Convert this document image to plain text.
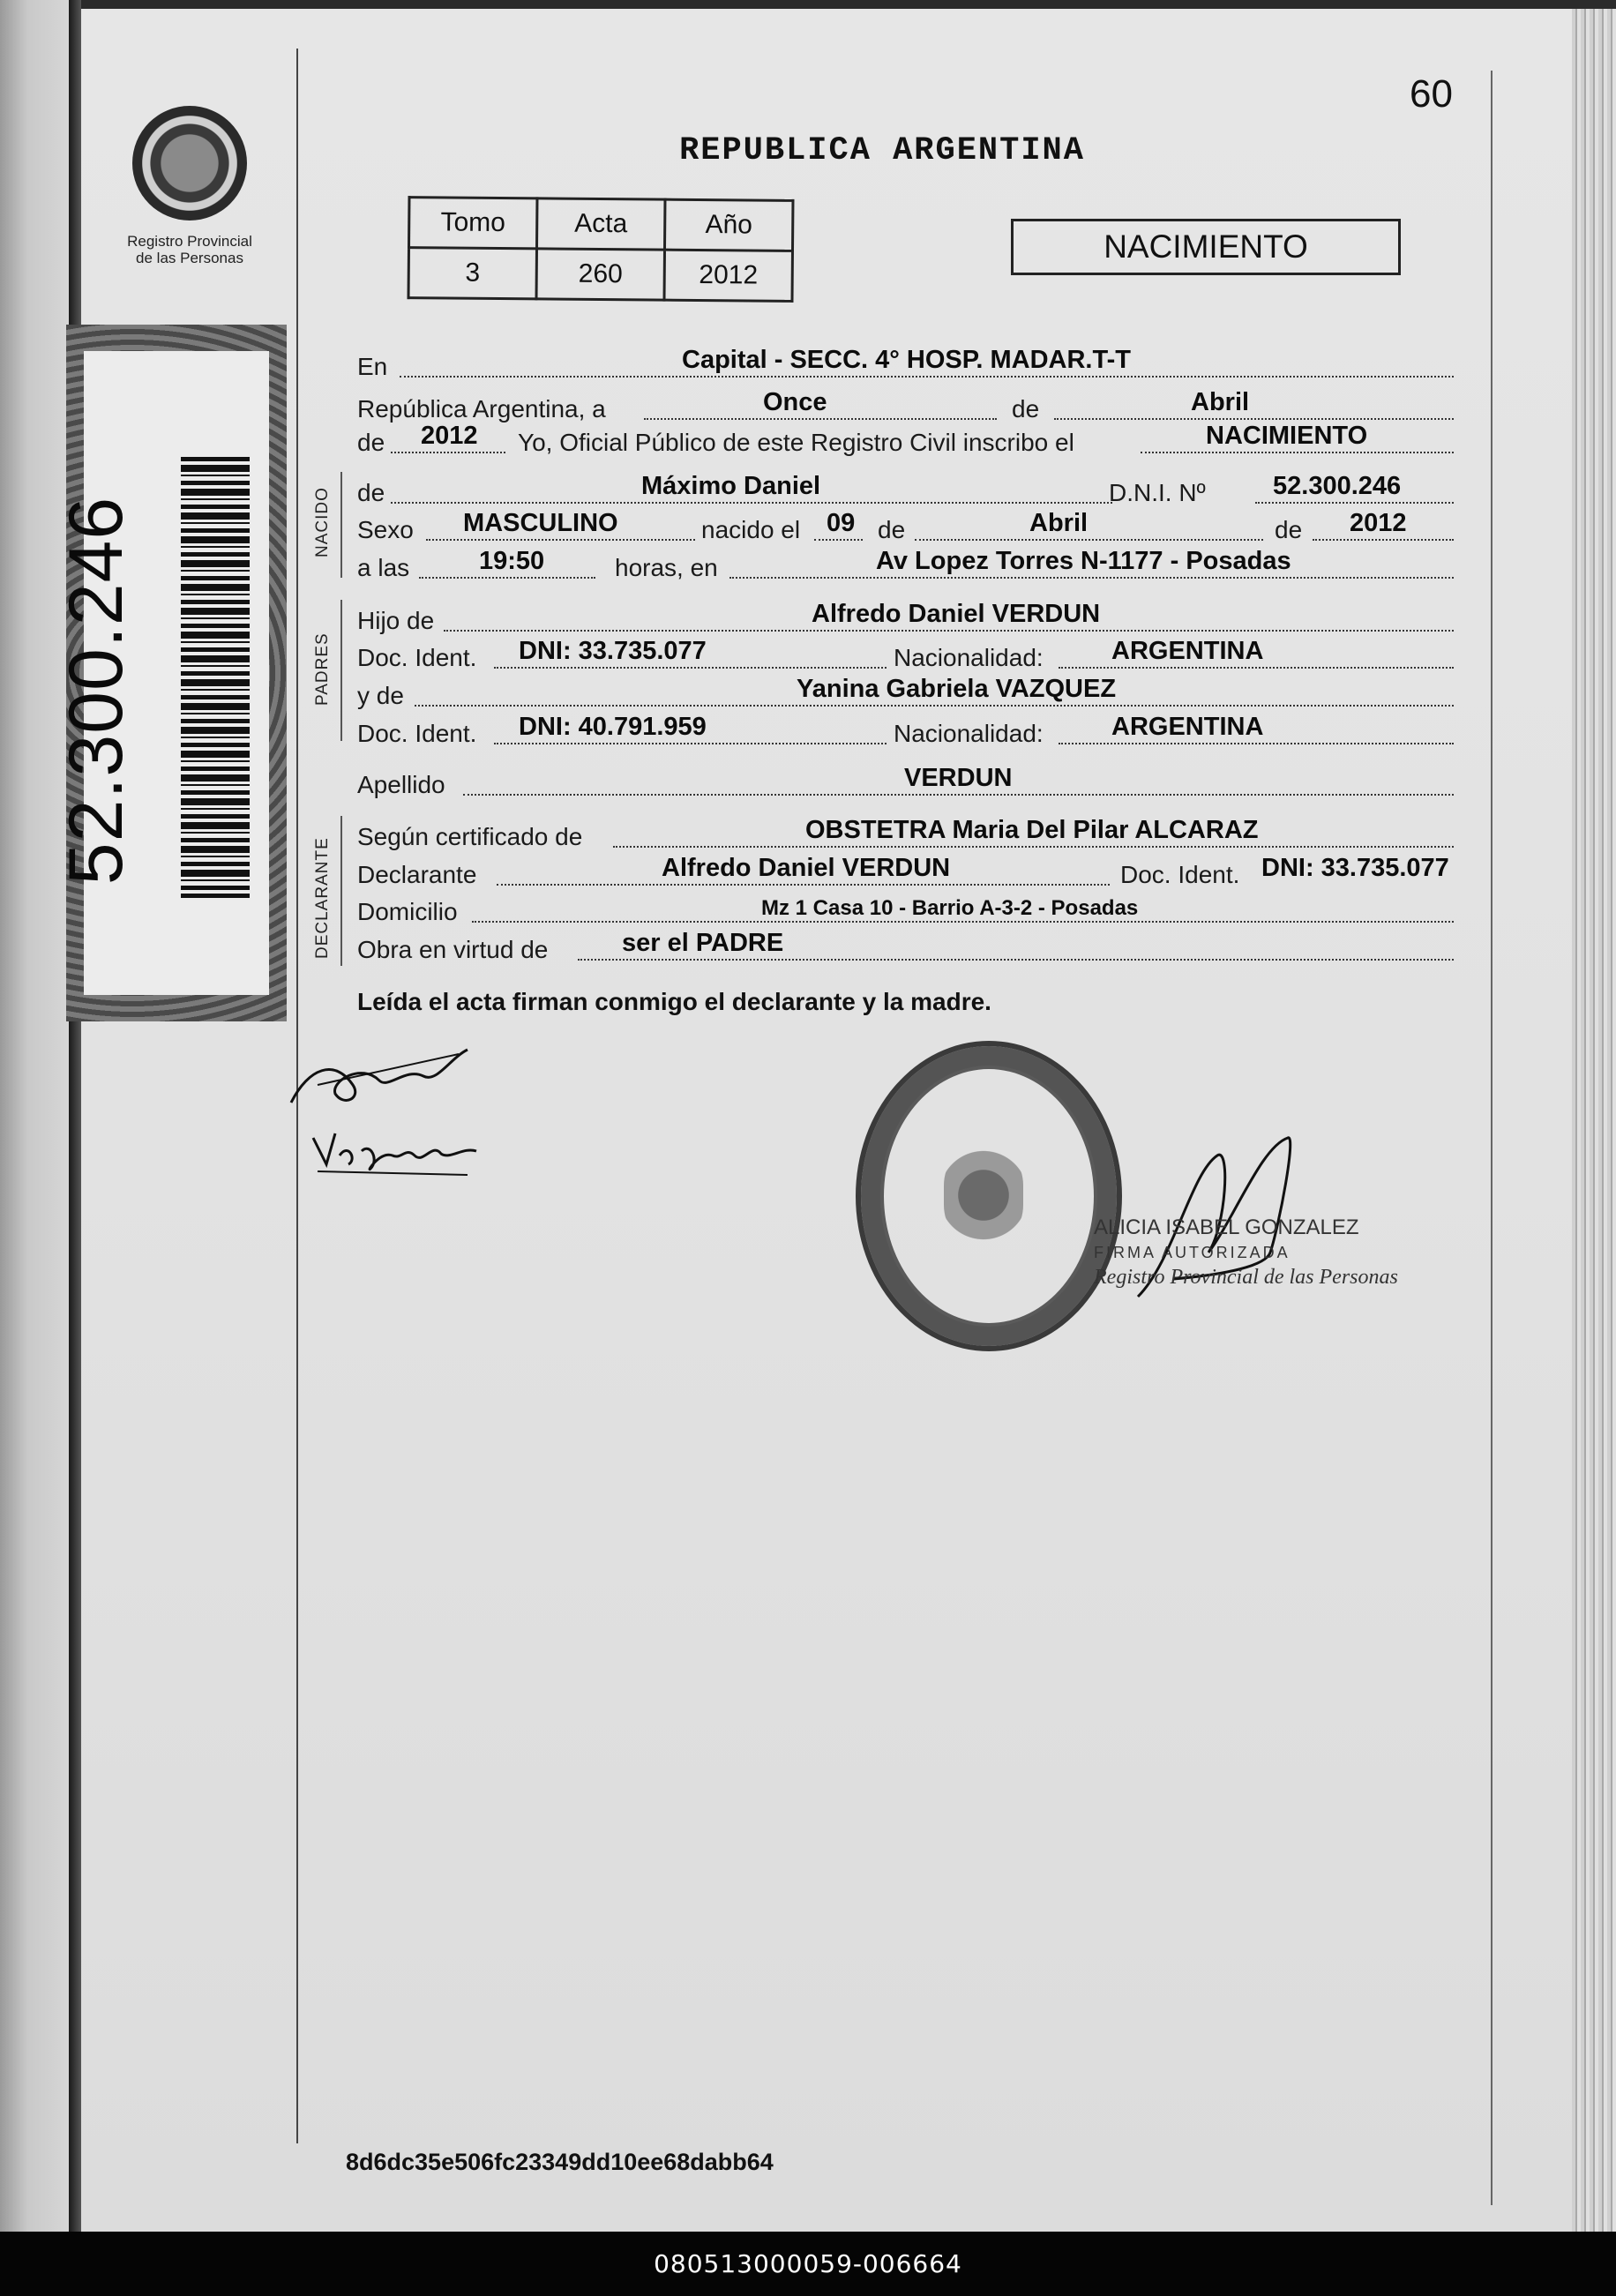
Registro Provincial
de las Personas
52.300.246
60
REPUBLICA ARGENTINA
Tomo	Acta	Año
3	260	2012
NACIMIENTO
NACIDO
PADRES
DECLARANTE
En	Capital - SECC. 4° HOSP. MADAR.T-T
República Argentina, a	Once	de	Abril
de 2012 Yo, Oficial Público de este Registro Civil inscribo el	NACIMIENTO
de	Máximo Daniel	D.N.I. Nº	52.300.246
Sexo MASCULINO	nacido el 09 de	Abril	de 2012
a las	19:50	horas, en	Av Lopez Torres N-1177 - Posadas
Hijo de	Alfredo Daniel VERDUN
Doc. Ident. DNI: 33.735.077	Nacionalidad:	ARGENTINA
y de	Yanina Gabriela VAZQUEZ
Doc. Ident. DNI: 40.791.959	Nacionalidad:	ARGENTINA
Apellido	VERDUN
Según certificado de	OBSTETRA Maria Del Pilar ALCARAZ
Declarante	Alfredo Daniel VERDUN	Doc. Ident. DNI: 33.735.077
Domicilio	Mz 1 Casa 10 - Barrio A-3-2 - Posadas
Obra en virtud de	ser el PADRE
Leída el acta firman conmigo el declarante y la madre.
ALICIA ISABEL GONZALEZ
FIRMA AUTORIZADA
Registro Provincial de las Personas
8d6dc35e506fc23349dd10ee68dabb64
080513000059-006664
